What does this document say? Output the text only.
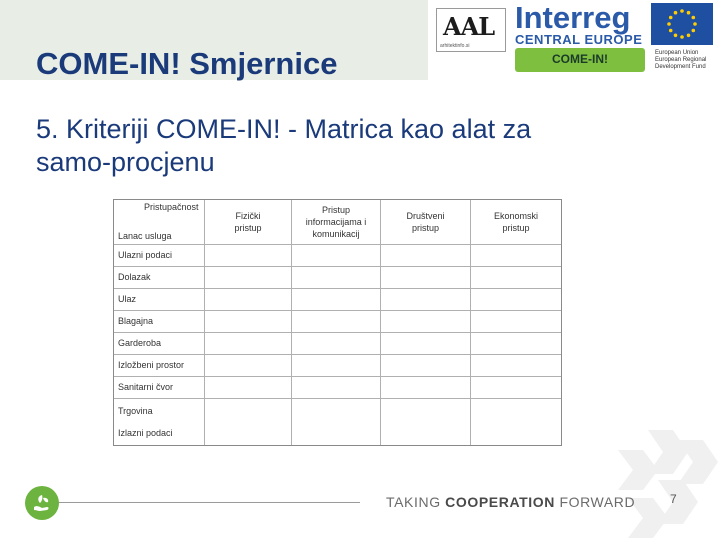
COME-IN! Smjernice
AAL
arhitektinfo.si
Interreg
CENTRAL EUROPE
COME-IN!	European Union
European Regional
Development Fund
5. Kriteriji COME-IN! - Matrica kao alat za
samo-procjenu
Pristupačnost
Lanac usluga
Fizički
pristup
Pristup
informacijama i
komunikacij
Društveni
pristup
Ekonomski
pristup
Ulazni podaci
Dolazak
Ulaz
Blagajna
Garderoba
Izložbeni prostor
Sanitarni čvor
Trgovina
Izlazni podaci
TAKING COOPERATION FORWARD	7
